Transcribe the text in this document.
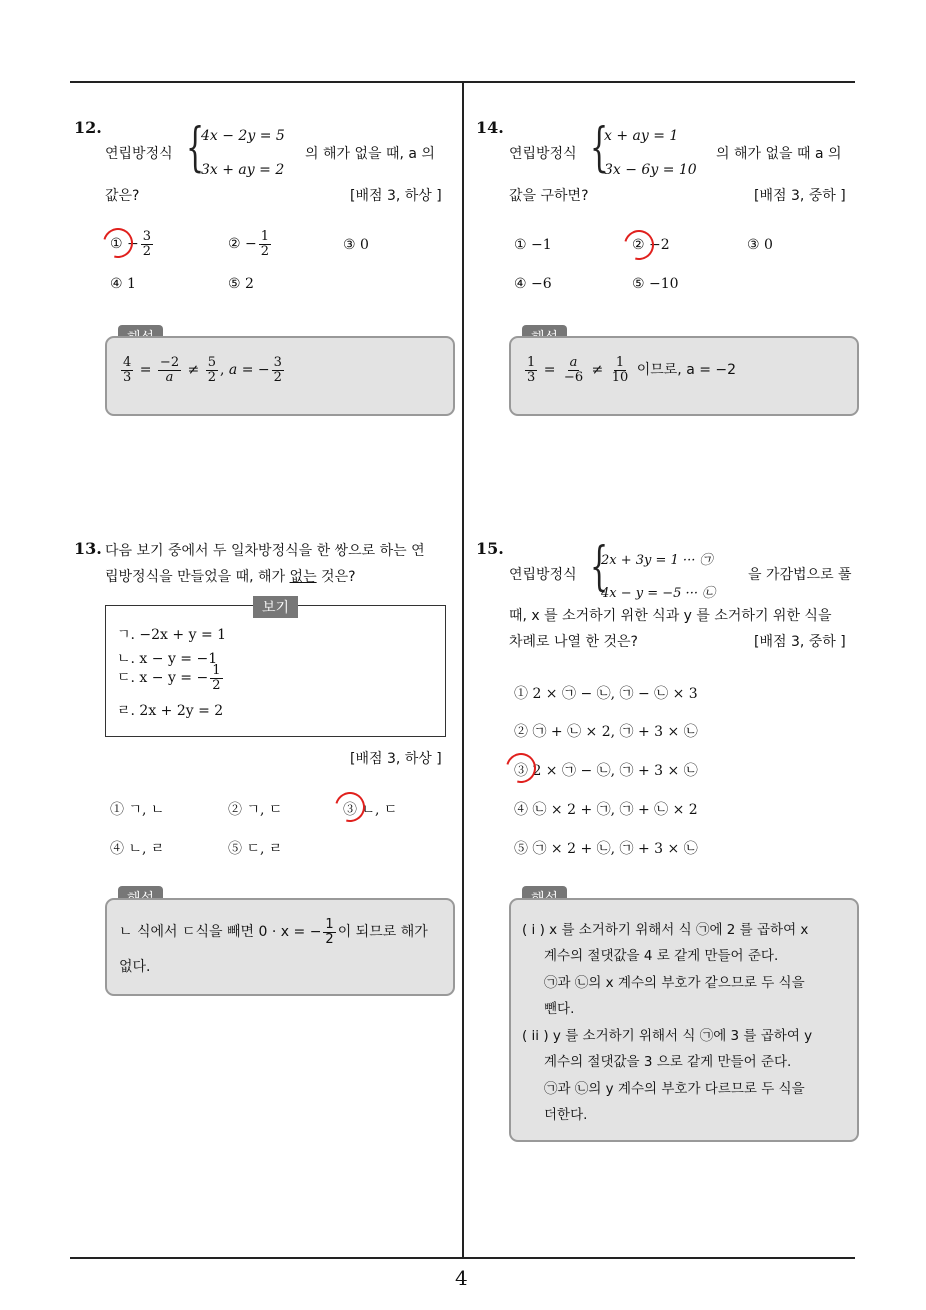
4
12.
연립방정식 {
4x − 2y = 5
3x + ay = 2
의 해가 없을 때, a 의
값은?	[배점 3, 하상 ]
① − $\frac{3}{2}$	② − $\frac{1}{2}$	③ 0
④ 1	⑤ 2
$\frac{4}{3} = \frac{-2}{a} \ne \frac{5}{2}$ , a = − $\frac{3}{2}$
14.
연립방정식 {
x + ay = 1
3x − 6y = 10
의 해가 없을 때 a 의
값을 구하면?	[배점 3, 중하 ]
① −1	② −2	③ 0
④ −6	⑤ −10
$\frac{1}{3} = \frac{a}{-6} \ne \frac{1}{10}$ 이므로, a = −2
13. 다음 보기 중에서 두 일차방정식을 한 쌍으로 하는 연
립방정식을 만들었을 때, 해가 없는 것은?
보기
ㄱ. −2x + y = 1
ㄴ. x − y = −1
ㄷ. x − y = − $\frac{1}{2}$
ㄹ. 2x + 2y = 2
[배점 3, 하상 ]
① ㄱ, ㄴ	② ㄱ, ㄷ	③ ㄴ, ㄷ
④ ㄴ, ㄹ	⑤ ㄷ, ㄹ
ㄴ 식에서 ㄷ식을 빼면 0 · x = − $\frac{1}{2}$ 이 되므로 해가
없다.
15.
연립방정식 {
2x + 3y = 1 ··· ㉠
4x − y = −5 ··· ㉡
을 가감법으로 풀
때, x 를 소거하기 위한 식과 y 를 소거하기 위한 식을
차례로 나열 한 것은?	[배점 3, 중하 ]
① 2 × ㉠ − ㉡, ㉠ − ㉡ × 3
② ㉠ + ㉡ × 2, ㉠ + 3 × ㉡
③ 2 × ㉠ − ㉡, ㉠ + 3 × ㉡
④ ㉡ × 2 + ㉠, ㉠ + ㉡ × 2
⑤ ㉠ × 2 + ㉡, ㉠ + 3 × ㉡
( i ) x 를 소거하기 위해서 식 ㉠에 2 를 곱하여 x
계수의 절댓값을 4 로 같게 만들어 준다.
㉠과 ㉡의 x 계수의 부호가 같으므로 두 식을
뺀다.
( ii ) y 를 소거하기 위해서 식 ㉠에 3 를 곱하여 y
계수의 절댓값을 3 으로 같게 만들어 준다.
㉠과 ㉡의 y 계수의 부호가 다르므로 두 식을
더한다.
